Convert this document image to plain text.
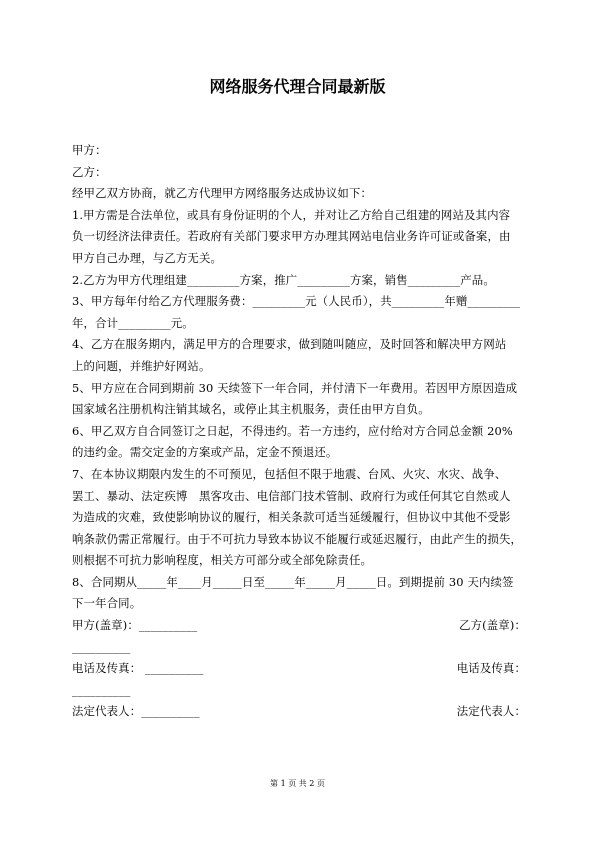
网络服务代理合同最新版

甲方：

乙方：

经甲乙双方协商，就乙方代理甲方网络服务达成协议如下：

1.甲方需是合法单位，或具有身份证明的个人，并对让乙方给自己组建的网站及其内容

负一切经济法律责任。若政府有关部门要求甲方办理其网站电信业务许可证或备案，由

甲方自己办理，与乙方无关。

2.乙方为甲方代理组建_________方案，推广_________方案，销售_________产品。

3、甲方每年付给乙方代理服务费：_________元（人民币），共_________年赠_________

年，合计_________元。

4、乙方在服务期内，满足甲方的合理要求，做到随叫随应，及时回答和解决甲方网站

上的问题，并维护好网站。

5、甲方应在合同到期前 30 天续签下一年合同，并付清下一年费用。若因甲方原因造成

国家域名注册机构注销其域名，或停止其主机服务，责任由甲方自负。

6、甲乙双方自合同签订之日起，不得违约。若一方违约，应付给对方合同总金额 20%

的违约金。需交定金的方案或产品，定金不预退还。

7、在本协议期限内发生的不可预见，包括但不限于地震、台风、火灾、水灾、战争、

罢工、暴动、法定疾博　黑客攻击、电信部门技术管制、政府行为或任何其它自然或人

为造成的灾难，致使影响协议的履行，相关条款可适当延缓履行，但协议中其他不受影

响条款仍需正常履行。由于不可抗力导致本协议不能履行或延迟履行，由此产生的损失，

则根据不可抗力影响程度，相关方可部分或全部免除责任。

8、合同期从_____年____月_____日至_____年_____月_____日。到期提前 30 天内续签

下一年合同。

甲方(盖章)：__________	乙方(盖章)：
__________
电话及传真： __________	电话及传真：
__________
法定代表人：__________	法定代表人：
第 1 页 共 2 页
